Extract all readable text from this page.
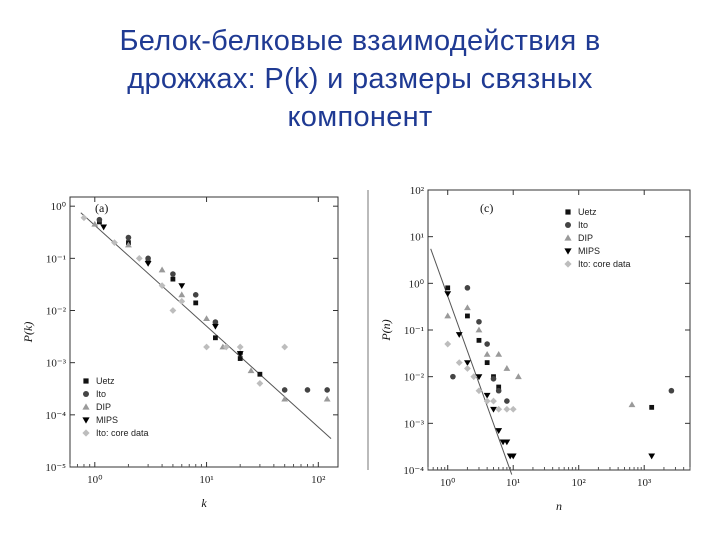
Белок-белковые взаимодействия в
дрожжах: P(k) и размеры связных
компонент
10⁰	10¹	10²
10⁰
10⁻¹
10⁻²
10⁻³
10⁻⁴
10⁻⁵
k
P(k)
(a)
Uetz
Ito
DIP
MIPS
Ito: core data
10⁰	10¹	10²	10³
10²
10¹
10⁰
10⁻¹
10⁻²
10⁻³
10⁻⁴
n
P(n)
(c)	Uetz
Ito
DIP
MIPS
Ito: core data
